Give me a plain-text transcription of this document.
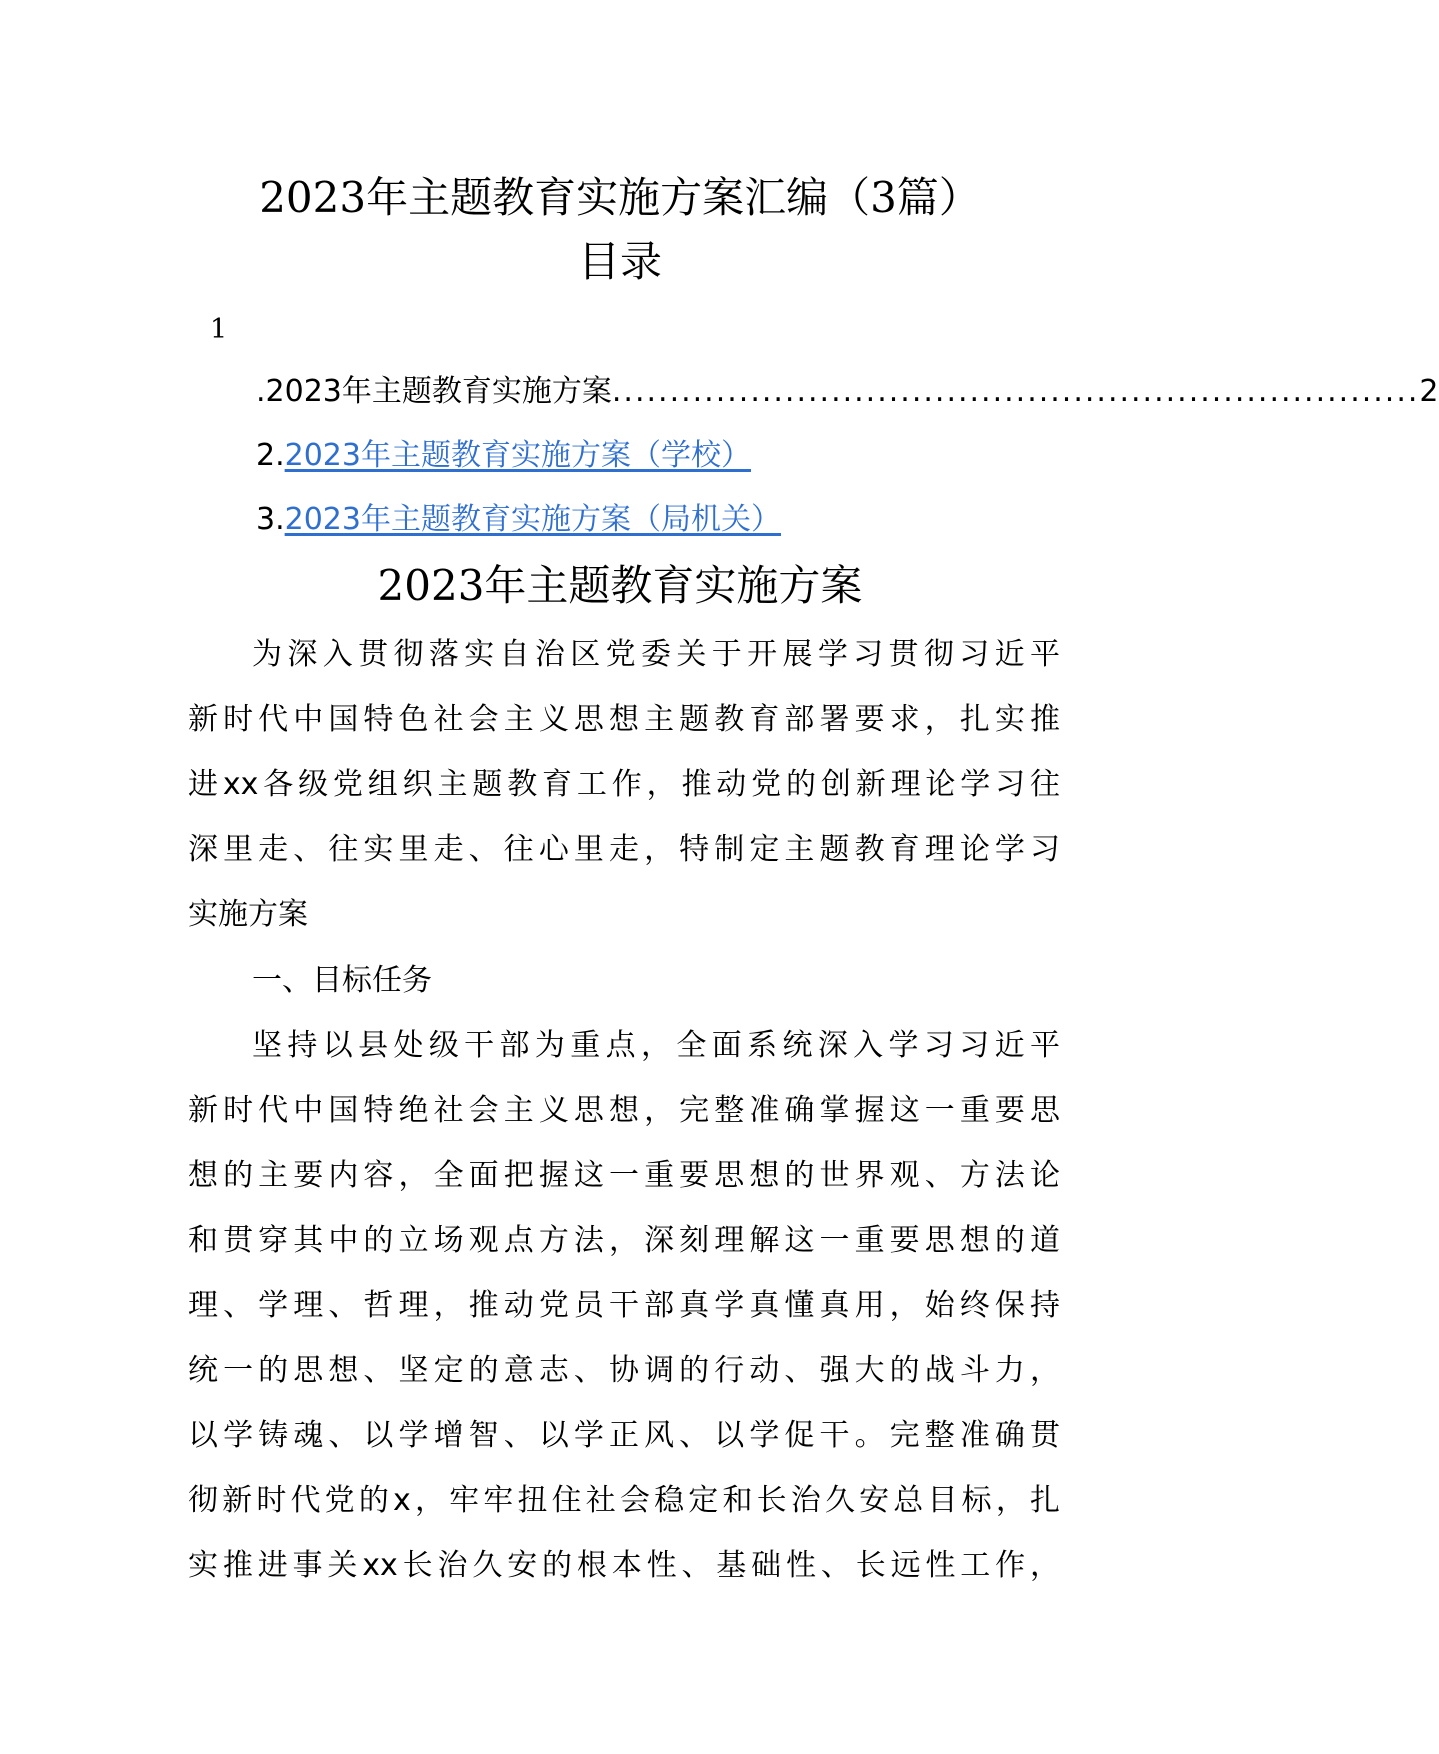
2023年主题教育实施方案汇编（3篇）
目录
1
.2023年主题教育实施方案 ...................................................................... 2
2.2023年主题教育实施方案（学校）
3.2023年主题教育实施方案（局机关）
2023年主题教育实施方案
为深入贯彻落实自治区党委关于开展学习贯彻习近平
新时代中国特色社会主义思想主题教育部署要求，扎实推
进xx各级党组织主题教育工作，推动党的创新理论学习往
深里走、往实里走、往心里走，特制定主题教育理论学习
实施方案
一、目标任务
坚持以县处级干部为重点，全面系统深入学习习近平
新时代中国特绝社会主义思想，完整准确掌握这一重要思
想的主要内容，全面把握这一重要思想的世界观、方法论
和贯穿其中的立场观点方法，深刻理解这一重要思想的道
理、学理、哲理，推动党员干部真学真懂真用，始终保持
统一的思想、坚定的意志、协调的行动、强大的战斗力，
以学铸魂、以学增智、以学正风、以学促干。完整准确贯
彻新时代党的x，牢牢扭住社会稳定和长治久安总目标，扎
实推进事关xx长治久安的根本性、基础性、长远性工作，
